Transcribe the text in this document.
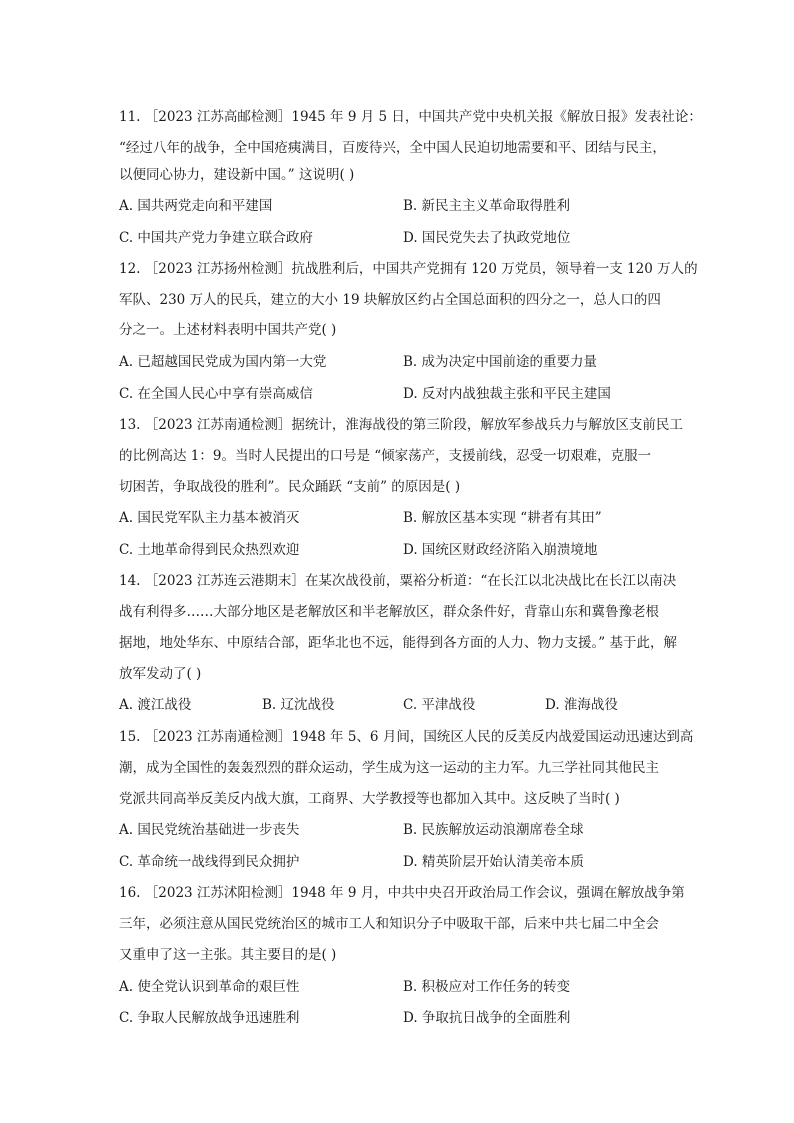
11. ［2023 江苏高邮检测］1945 年 9 月 5 日，中国共产党中央机关报《解放日报》发表社论：
“经过八年的战争，全中国疮痍满目，百废待兴，全中国人民迫切地需要和平、团结与民主，
以便同心协力，建设新中国。” 这说明( )
A. 国共两党走向和平建国	B. 新民主主义革命取得胜利
C. 中国共产党力争建立联合政府	D. 国民党失去了执政党地位
12. ［2023 江苏扬州检测］抗战胜利后，中国共产党拥有 120 万党员，领导着一支 120 万人的
军队、230 万人的民兵，建立的大小 19 块解放区约占全国总面积的四分之一，总人口的四
分之一。上述材料表明中国共产党( )
A. 已超越国民党成为国内第一大党	B. 成为决定中国前途的重要力量
C. 在全国人民心中享有崇高威信	D. 反对内战独裁主张和平民主建国
13. ［2023 江苏南通检测］据统计，淮海战役的第三阶段，解放军参战兵力与解放区支前民工
的比例高达 1：9。当时人民提出的口号是 “倾家荡产，支援前线，忍受一切艰难，克服一
切困苦，争取战役的胜利”。民众踊跃 “支前” 的原因是( )
A. 国民党军队主力基本被消灭	B. 解放区基本实现 “耕者有其田”
C. 土地革命得到民众热烈欢迎	D. 国统区财政经济陷入崩溃境地
14. ［2023 江苏连云港期末］在某次战役前，粟裕分析道：“在长江以北决战比在长江以南决
战有利得多……大部分地区是老解放区和半老解放区，群众条件好，背靠山东和冀鲁豫老根
据地，地处华东、中原结合部，距华北也不远，能得到各方面的人力、物力支援。” 基于此，解
放军发动了( )
A. 渡江战役	B. 辽沈战役	C. 平津战役	D. 淮海战役
15. ［2023 江苏南通检测］1948 年 5、6 月间，国统区人民的反美反内战爱国运动迅速达到高
潮，成为全国性的轰轰烈烈的群众运动，学生成为这一运动的主力军。九三学社同其他民主
党派共同高举反美反内战大旗，工商界、大学教授等也都加入其中。这反映了当时( )
A. 国民党统治基础进一步丧失	B. 民族解放运动浪潮席卷全球
C. 革命统一战线得到民众拥护	D. 精英阶层开始认清美帝本质
16. ［2023 江苏沭阳检测］1948 年 9 月，中共中央召开政治局工作会议，强调在解放战争第
三年，必须注意从国民党统治区的城市工人和知识分子中吸取干部，后来中共七届二中全会
又重申了这一主张。其主要目的是( )
A. 使全党认识到革命的艰巨性	B. 积极应对工作任务的转变
C. 争取人民解放战争迅速胜利	D. 争取抗日战争的全面胜利
